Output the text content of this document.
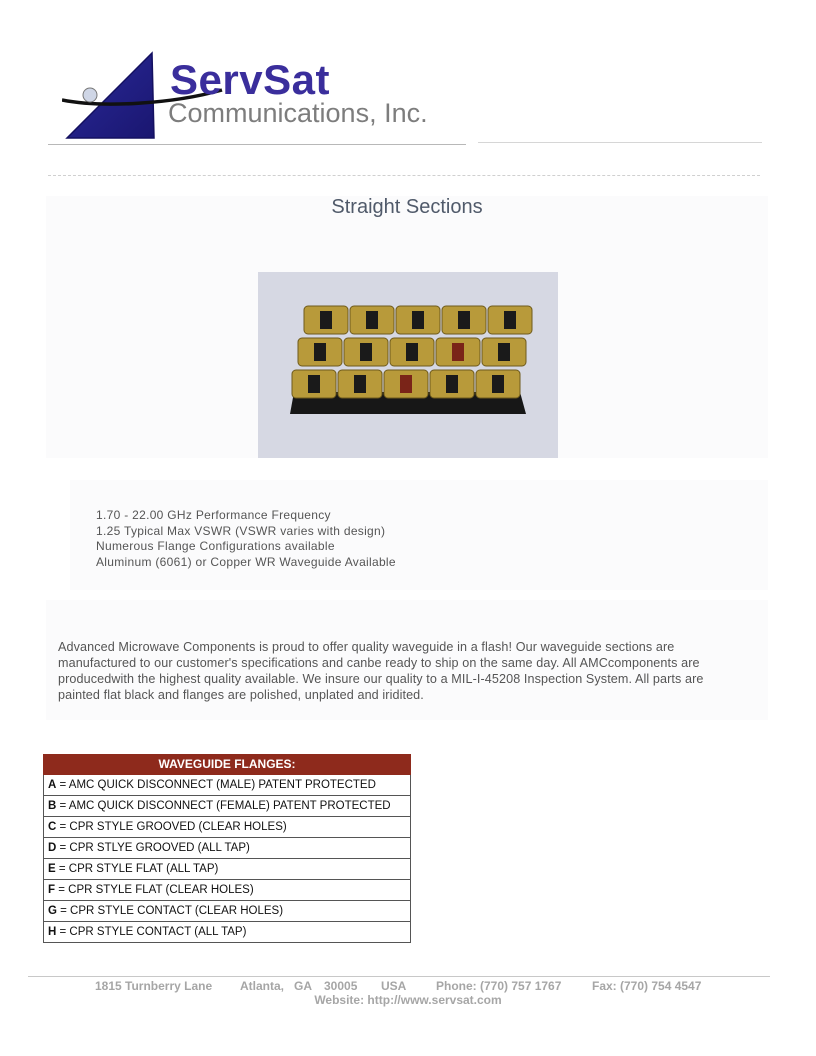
ServSat
Communications, Inc.
Straight Sections
1.70 - 22.00 GHz Performance Frequency
1.25 Typical Max VSWR (VSWR varies with design)
Numerous Flange Configurations available
Aluminum (6061) or Copper WR Waveguide Available
Advanced Microwave Components is proud to offer quality waveguide in a flash! Our waveguide sections are manufactured to our customer's specifications and canbe ready to ship on the same day. All AMCcomponents are producedwith the highest quality available. We insure our quality to a MIL-I-45208 Inspection System. All parts are painted flat black and flanges are polished, unplated and iridited.
WAVEGUIDE FLANGES:
A = AMC QUICK DISCONNECT (MALE) PATENT PROTECTED
B = AMC QUICK DISCONNECT (FEMALE) PATENT PROTECTED
C = CPR STYLE GROOVED (CLEAR HOLES)
D = CPR STLYE GROOVED (ALL TAP)
E = CPR STYLE FLAT (ALL TAP)
F = CPR STYLE FLAT (CLEAR HOLES)
G = CPR STYLE CONTACT (CLEAR HOLES)
H = CPR STYLE CONTACT (ALL TAP)
1815 Turnberry Lane Atlanta, GA 30005 USA Phone: (770) 757 1767	Fax: (770) 754 4547
Website: http://www.servsat.com
